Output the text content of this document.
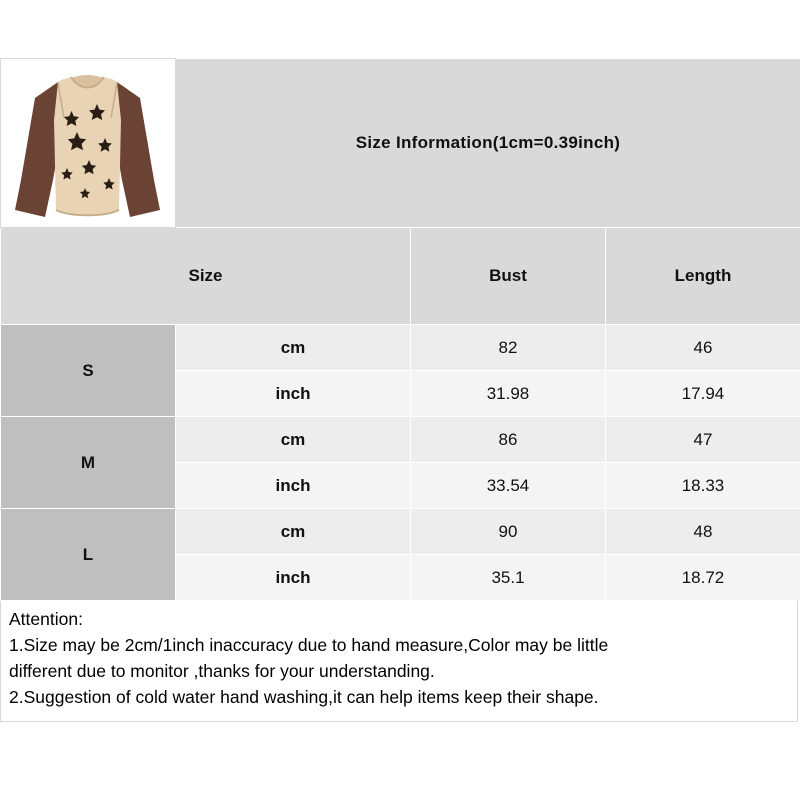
	Size Information(1cm=0.39inch)		
Size		Bust	Length
S	cm	82	46
	inch	31.98	17.94
M	cm	86	47
	inch	33.54	18.33
L	cm	90	48
	inch	35.1	18.72

Attention:

1.Size may be 2cm/1inch inaccuracy due to hand measure,Color may be little

different due to monitor ,thanks for your understanding.

2.Suggestion of cold water hand washing,it can help items keep their shape.
